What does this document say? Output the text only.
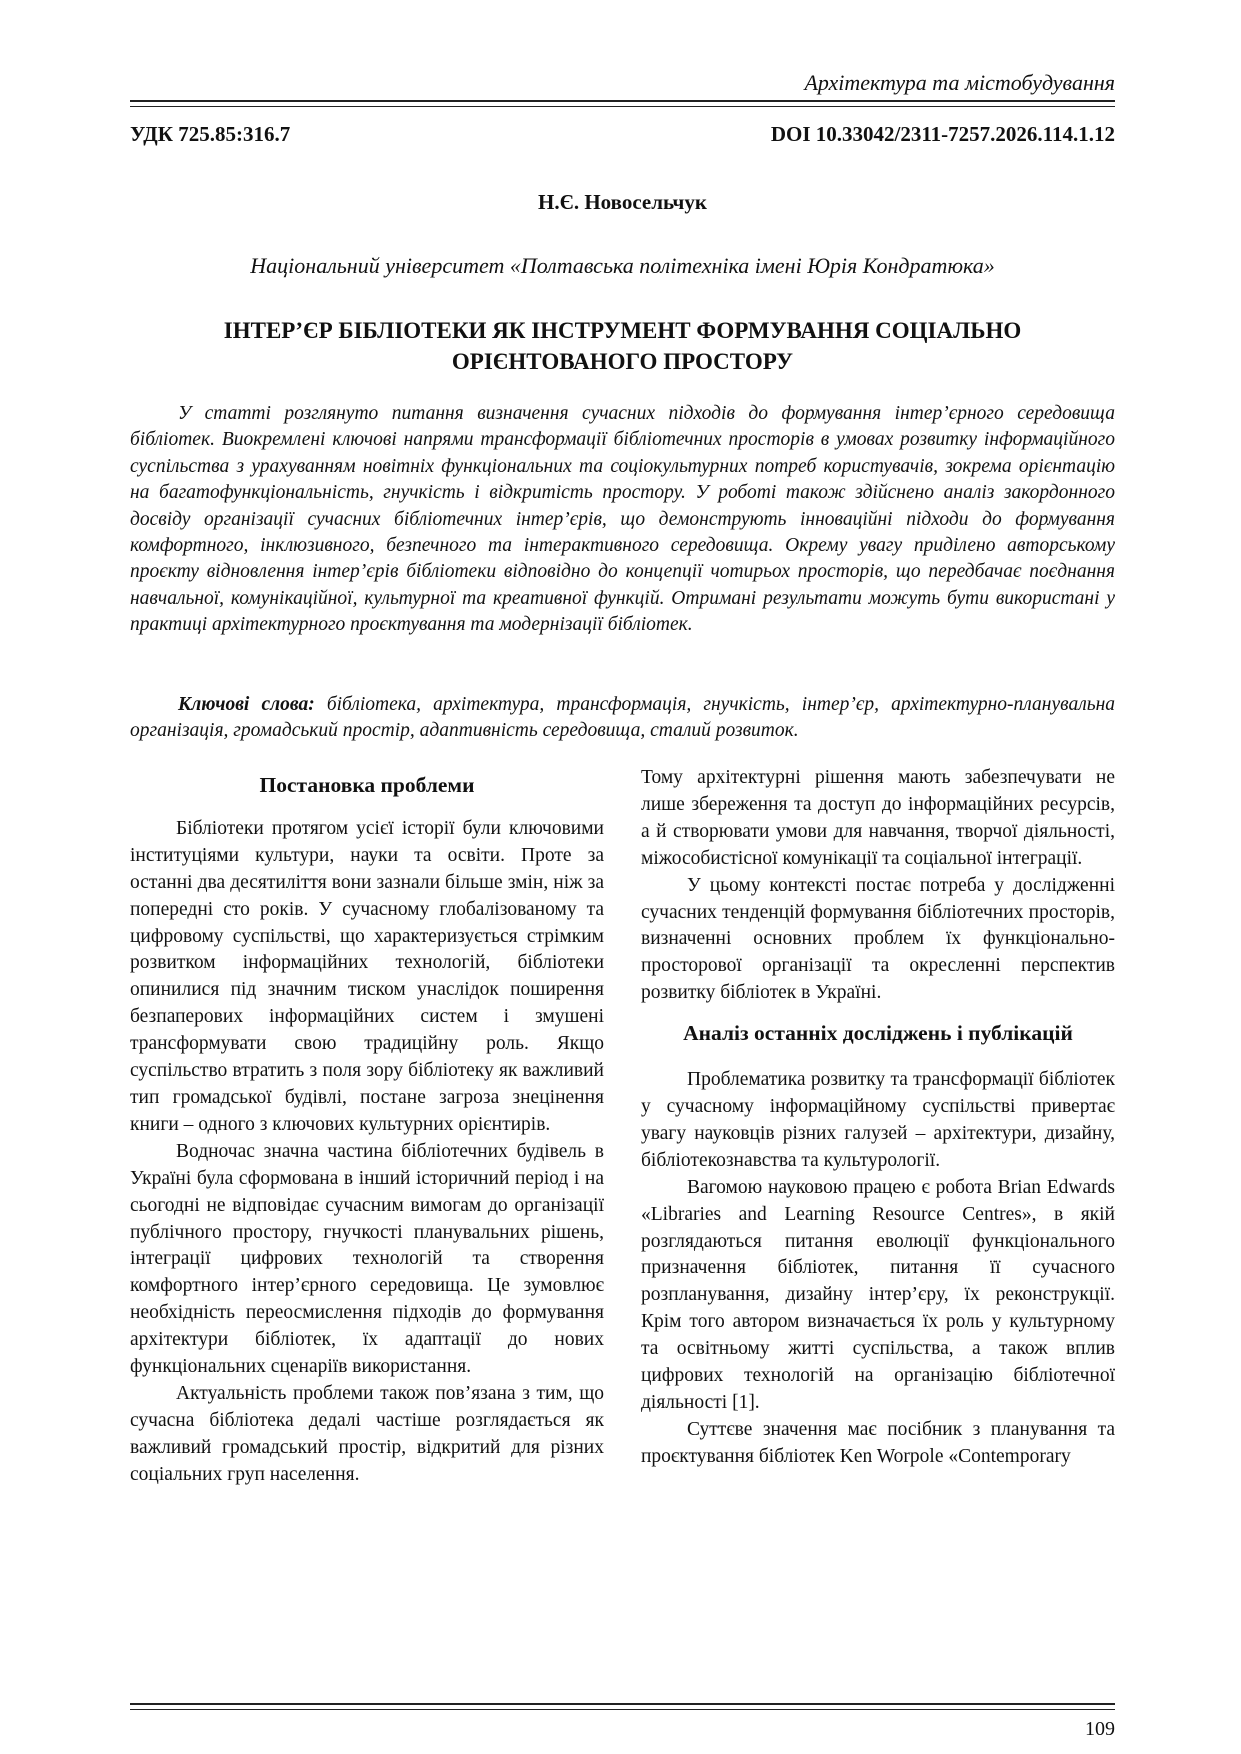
Архітектура та містобудування
УДК 725.85:316.7	DOI 10.33042/2311-7257.2026.114.1.12
Н.Є. Новосельчук
Національний університет «Полтавська політехніка імені Юрія Кондратюка»
ІНТЕР’ЄР БІБЛІОТЕКИ ЯК ІНСТРУМЕНТ ФОРМУВАННЯ СОЦІАЛЬНО
ОРІЄНТОВАНОГО ПРОСТОРУ

У статті розглянуто питання визначення сучасних підходів до формування інтер’єрного середовища бібліотек. Виокремлені ключові напрями трансформації бібліотечних просторів в умовах розвитку інформаційного суспільства з урахуванням новітніх функціональних та соціокультурних потреб користувачів, зокрема орієнтацію на багатофункціональність, гнучкість і відкритість простору. У роботі також здійснено аналіз закордонного досвіду організації сучасних бібліотечних інтер’єрів, що демонструють інноваційні підходи до формування комфортного, інклюзивного, безпечного та інтерактивного середовища. Окрему увагу приділено авторському проєкту відновлення інтер’єрів бібліотеки відповідно до концепції чотирьох просторів, що передбачає поєднання навчальної, комунікаційної, культурної та креативної функцій. Отримані результати можуть бути використані у практиці архітектурного проєктування та модернізації бібліотек.

Ключові слова: бібліотека, архітектура, трансформація, гнучкість, інтер’єр, архітектурно-планувальна організація, громадський простір, адаптивність середовища, сталий розвиток.

Постановка проблеми

Бібліотеки протягом усієї історії були ключовими інституціями культури, науки та освіти. Проте за останні два десятиліття вони зазнали більше змін, ніж за попередні сто років. У сучасному глобалізованому та цифровому суспільстві, що характеризується стрімким розвитком інформаційних технологій, бібліотеки опинилися під значним тиском унаслідок поширення безпаперових інформаційних систем і змушені трансформувати свою традиційну роль. Якщо суспільство втратить з поля зору бібліотеку як важливий тип громадської будівлі, постане загроза знецінення книги – одного з ключових культурних орієнтирів.

Водночас значна частина бібліотечних будівель в Україні була сформована в інший історичний період і на сьогодні не відповідає сучасним вимогам до організації публічного простору, гнучкості планувальних рішень, інтеграції цифрових технологій та створення комфортного інтер’єрного середовища. Це зумовлює необхідність переосмислення підходів до формування архітектури бібліотек, їх адаптації до нових функціональних сценаріїв використання.

Актуальність проблеми також пов’язана з тим, що сучасна бібліотека дедалі частіше розглядається як важливий громадський простір, відкритий для різних соціальних груп населення.

Тому архітектурні рішення мають забезпечувати не лише збереження та доступ до інформаційних ресурсів, а й створювати умови для навчання, творчої діяльності, міжособистісної комунікації та соціальної інтеграції.

У цьому контексті постає потреба у дослідженні сучасних тенденцій формування бібліотечних просторів, визначенні основних проблем їх функціонально-просторової організації та окресленні перспектив розвитку бібліотек в Україні.

Аналіз останніх досліджень і публікацій

Проблематика розвитку та трансформації бібліотек у сучасному інформаційному суспільстві привертає увагу науковців різних галузей – архітектури, дизайну, бібліотекознавства та культурології.

Вагомою науковою працею є робота Brian Edwards «Libraries and Learning Resource Centres», в якій розглядаються питання еволюції функціонального призначення бібліотек, питання її сучасного розпланування, дизайну інтер’єру, їх реконструкції. Крім того автором визначається їх роль у культурному та освітньому житті суспільства, а також вплив цифрових технологій на організацію бібліотечної діяльності [1].

Суттєве значення має посібник з планування та проєктування бібліотек Ken Worpole «Contemporary

109
